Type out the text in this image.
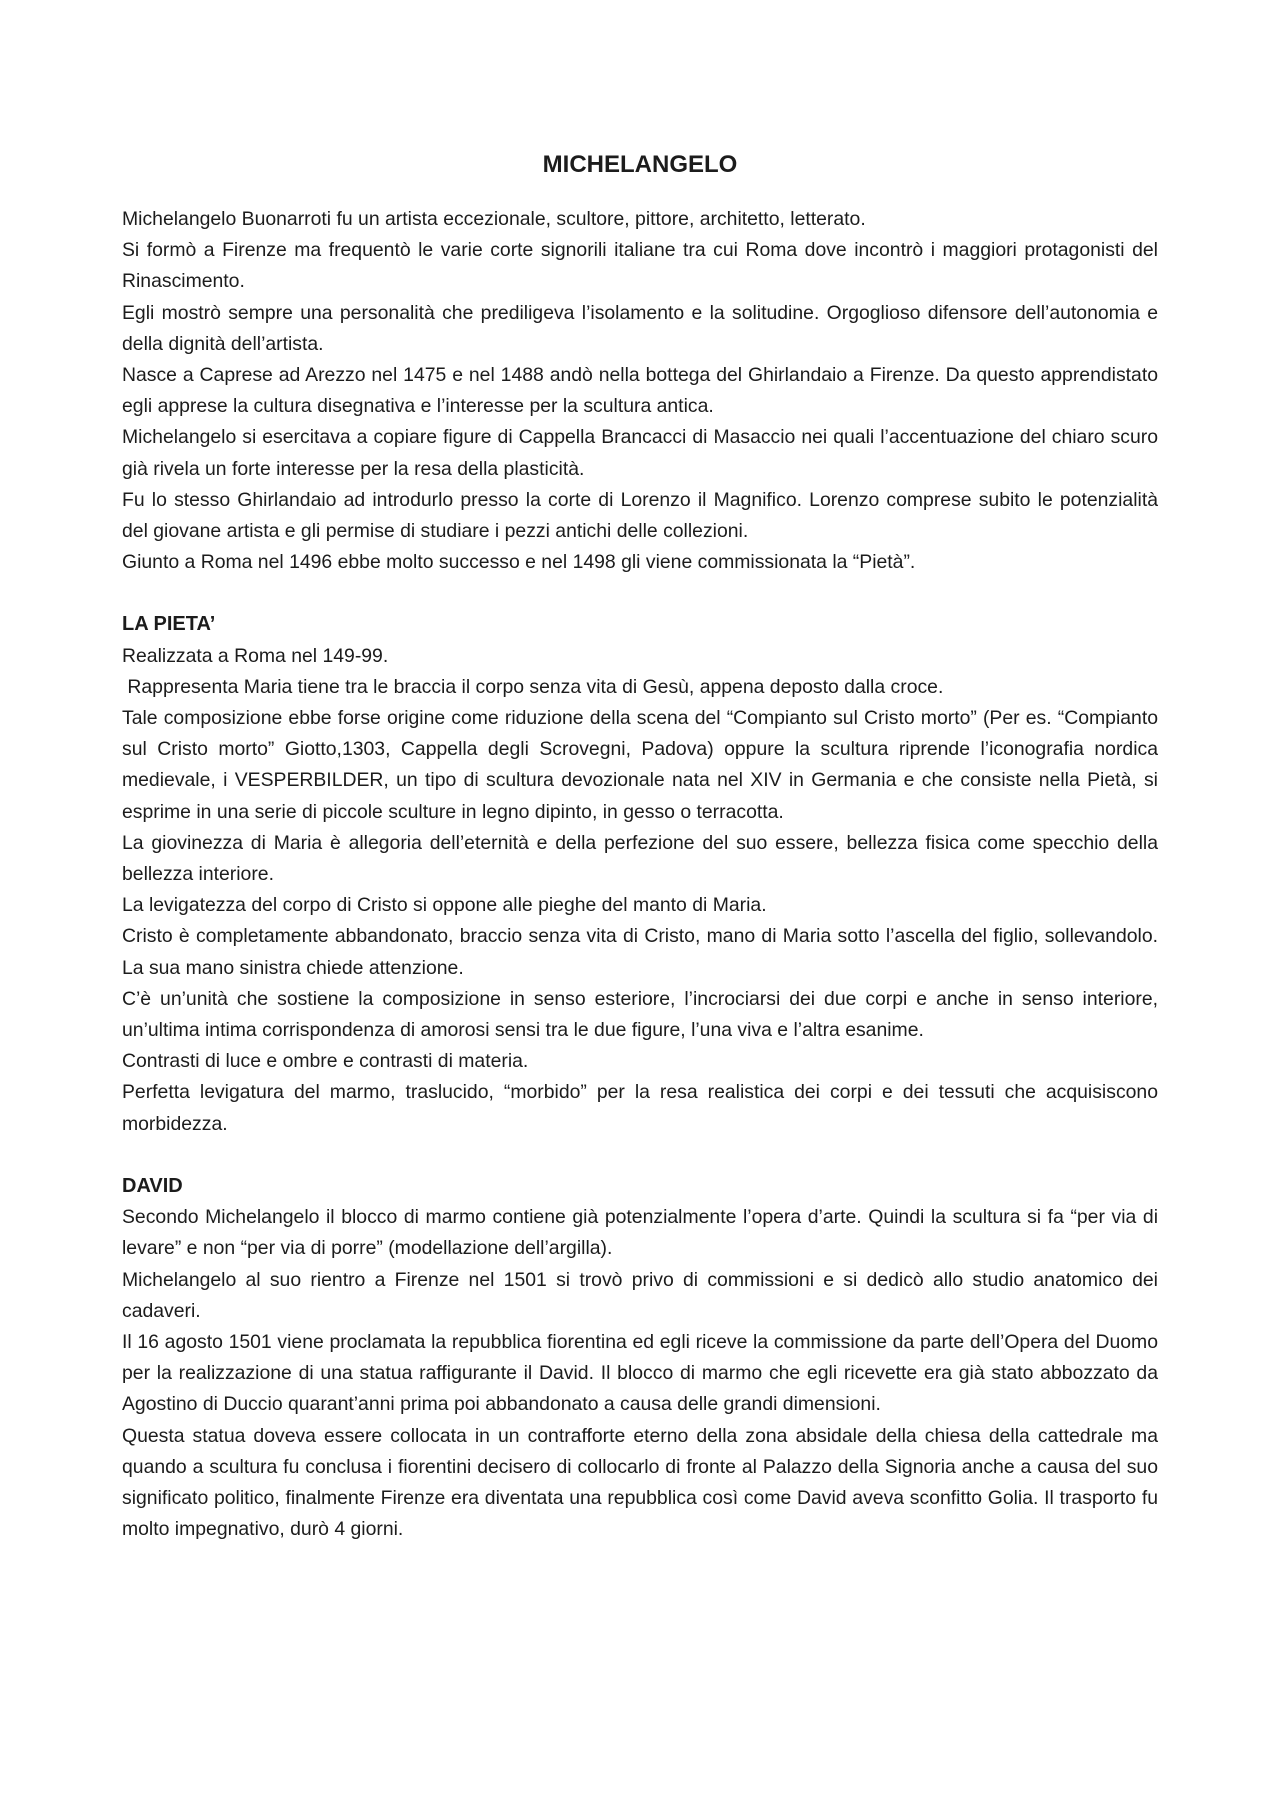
MICHELANGELO

Michelangelo Buonarroti fu un artista eccezionale, scultore, pittore, architetto, letterato.

Si formò a Firenze ma frequentò le varie corte signorili italiane tra cui Roma dove incontrò i maggiori protagonisti del Rinascimento.

Egli mostrò sempre una personalità che prediligeva l’isolamento e la solitudine. Orgoglioso difensore dell’autonomia e della dignità dell’artista.

Nasce a Caprese ad Arezzo nel 1475 e nel 1488 andò nella bottega del Ghirlandaio a Firenze. Da questo apprendistato egli apprese la cultura disegnativa e l’interesse per la scultura antica.

Michelangelo si esercitava a copiare figure di Cappella Brancacci di Masaccio nei quali l’accentuazione del chiaro scuro già rivela un forte interesse per la resa della plasticità.

Fu lo stesso Ghirlandaio ad introdurlo presso la corte di Lorenzo il Magnifico. Lorenzo comprese subito le potenzialità del giovane artista e gli permise di studiare i pezzi antichi delle collezioni.

Giunto a Roma nel 1496 ebbe molto successo e nel 1498 gli viene commissionata la “Pietà”.

LA PIETA’

Realizzata a Roma nel 149-99.

Rappresenta Maria tiene tra le braccia il corpo senza vita di Gesù, appena deposto dalla croce.

Tale composizione ebbe forse origine come riduzione della scena del “Compianto sul Cristo morto” (Per es. “Compianto sul Cristo morto” Giotto,1303, Cappella degli Scrovegni, Padova) oppure la scultura riprende l’iconografia nordica medievale, i VESPERBILDER, un tipo di scultura devozionale nata nel XIV in Germania e che consiste nella Pietà, si esprime in una serie di piccole sculture in legno dipinto, in gesso o terracotta.

La giovinezza di Maria è allegoria dell’eternità e della perfezione del suo essere, bellezza fisica come specchio della bellezza interiore.

La levigatezza del corpo di Cristo si oppone alle pieghe del manto di Maria.

Cristo è completamente abbandonato, braccio senza vita di Cristo, mano di Maria sotto l’ascella del figlio, sollevandolo. La sua mano sinistra chiede attenzione.

C’è un’unità che sostiene la composizione in senso esteriore, l’incrociarsi dei due corpi e anche in senso interiore, un’ultima intima corrispondenza di amorosi sensi tra le due figure, l’una viva e l’altra esanime.

Contrasti di luce e ombre e contrasti di materia.

Perfetta levigatura del marmo, traslucido, “morbido” per la resa realistica dei corpi e dei tessuti che acquisiscono morbidezza.

DAVID

Secondo Michelangelo il blocco di marmo contiene già potenzialmente l’opera d’arte. Quindi la scultura si fa “per via di levare” e non “per via di porre” (modellazione dell’argilla).

Michelangelo al suo rientro a Firenze nel 1501 si trovò privo di commissioni e si dedicò allo studio anatomico dei cadaveri.

Il 16 agosto 1501 viene proclamata la repubblica fiorentina ed egli riceve la commissione da parte dell’Opera del Duomo per la realizzazione di una statua raffigurante il David. Il blocco di marmo che egli ricevette era già stato abbozzato da Agostino di Duccio quarant’anni prima poi abbandonato a causa delle grandi dimensioni.

Questa statua doveva essere collocata in un contrafforte eterno della zona absidale della chiesa della cattedrale ma quando a scultura fu conclusa i fiorentini decisero di collocarlo di fronte al Palazzo della Signoria anche a causa del suo significato politico, finalmente Firenze era diventata una repubblica così come David aveva sconfitto Golia. Il trasporto fu molto impegnativo, durò 4 giorni.
